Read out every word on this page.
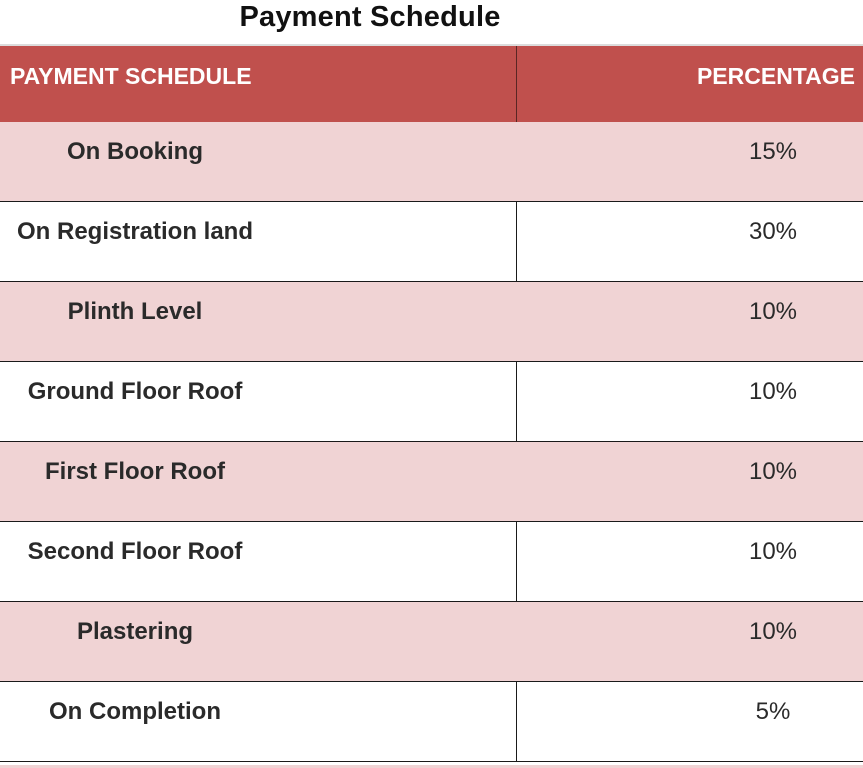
Payment Schedule
PAYMENT SCHEDULE	PERCENTAGE
On Booking	15%
On Registration land	30%
Plinth Level	10%
Ground Floor Roof	10%
First Floor Roof	10%
Second Floor Roof	10%
Plastering	10%
On Completion	5%
